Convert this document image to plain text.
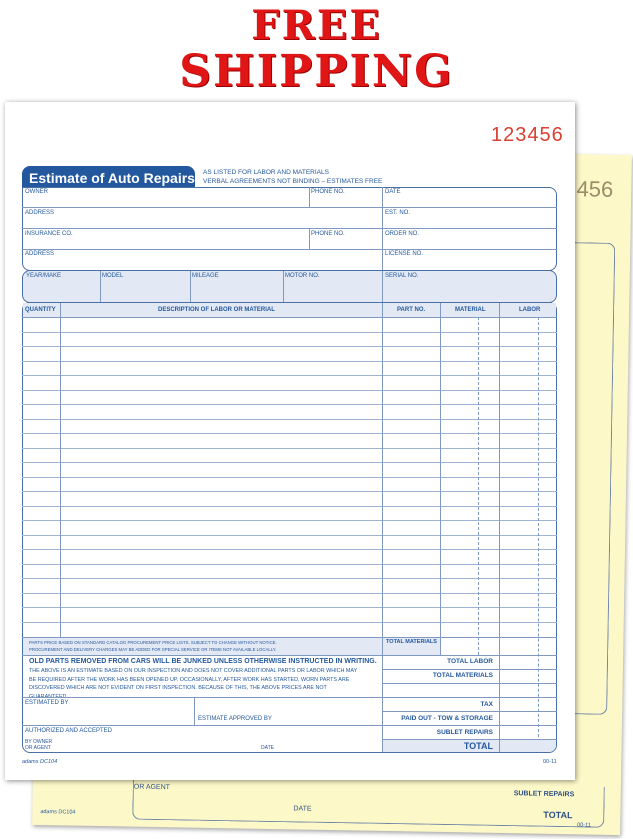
FREE
SHIPPING
456
OR AGENT
DATE
SUBLET REPAIRS
TOTAL
adams DC104
00-11
123456
Estimate of Auto Repairs AS LISTED FOR LABOR AND MATERIALS
VERBAL AGREEMENTS NOT BINDING – ESTIMATES FREE
OWNER	PHONE NO.	DATE
ADDRESS	EST. NO.
INSURANCE CO.	PHONE NO.	ORDER NO.
ADDRESS	LICENSE NO.
YEAR/MAKE	MODEL	MILEAGE	MOTOR NO.	SERIAL NO.
QUANTITY	DESCRIPTION OF LABOR OR MATERIAL	PART NO.	MATERIAL	LABOR
PARTS PRICE BASED ON STANDARD CATALOG PROCUREMENT PRICE LISTS. SUBJECT TO CHANGE WITHOUT NOTICE.
PROCUREMENT AND DELIVERY CHARGES MAY BE ADDED FOR SPECIAL SERVICE OR ITEMS NOT AVAILABLE LOCALLY.
TOTAL MATERIALS
OLD PARTS REMOVED FROM CARS WILL BE JUNKED UNLESS OTHERWISE INSTRUCTED IN WRITING.
THE ABOVE IS AN ESTIMATE BASED ON OUR INSPECTION AND DOES NOT COVER ADDITIONAL PARTS OR LABOR WHICH MAY BE REQUIRED AFTER THE WORK HAS BEEN OPENED UP. OCCASIONALLY, AFTER WORK HAS STARTED, WORN PARTS ARE DISCOVERED WHICH ARE NOT EVIDENT ON FIRST INSPECTION. BECAUSE OF THIS, THE ABOVE PRICES ARE NOT
TOTAL LABOR
TOTAL MATERIALS
TAX
PAID OUT - TOW & STORAGE
SUBLET REPAIRS
TOTAL
ESTIMATED BY
ESTIMATE APPROVED BY
AUTHORIZED AND ACCEPTED
BY OWNER
OR AGENT	DATE
adams DC104	00-11
